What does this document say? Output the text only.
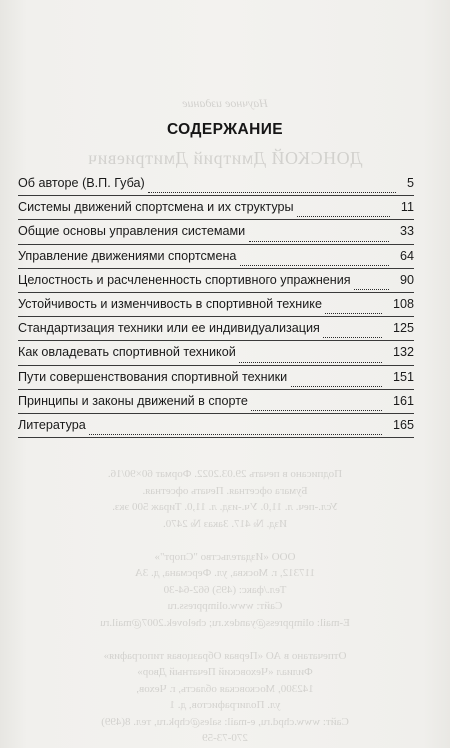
Научное издание
ДОНСКОЙ Дмитрий Дмитриевич
Подписано в печать 29.03.2022. Формат 60×90/16.
Бумага офсетная. Печать офсетная.
Усл.-печ. л. 11,0. Уч.-изд. л. 11,0. Тираж 500 экз.
Изд. № 417. Заказ № 2470.

ООО «Издательство "Спорт"»
117312, г. Москва, ул. Ферсмана, д. 3А
Тел./факс: (495) 662-64-30
Сайт: www.olimppress.ru
E-mail: olimppress@yandex.ru; chelovek.2007@mail.ru

Отпечатано в АО «Первая Образцовая типография»
Филиал «Чеховский Печатный Двор»
142300, Московская область, г. Чехов,
ул. Полиграфистов, д. 1
Сайт: www.chpd.ru, e-mail: sales@chpk.ru, тел. 8(499)
270-73-59
СОДЕРЖАНИЕ
Об авторе (В.П. Губа)	5
Системы движений спортсмена и их структуры	11
Общие основы управления системами	33
Управление движениями спортсмена	64
Целостность и расчлененность спортивного упражнения	90
Устойчивость и изменчивость в спортивной технике	108
Стандартизация техники или ее индивидуализация	125
Как овладевать спортивной техникой	132
Пути совершенствования спортивной техники	151
Принципы и законы движений в спорте	161
Литература	165
